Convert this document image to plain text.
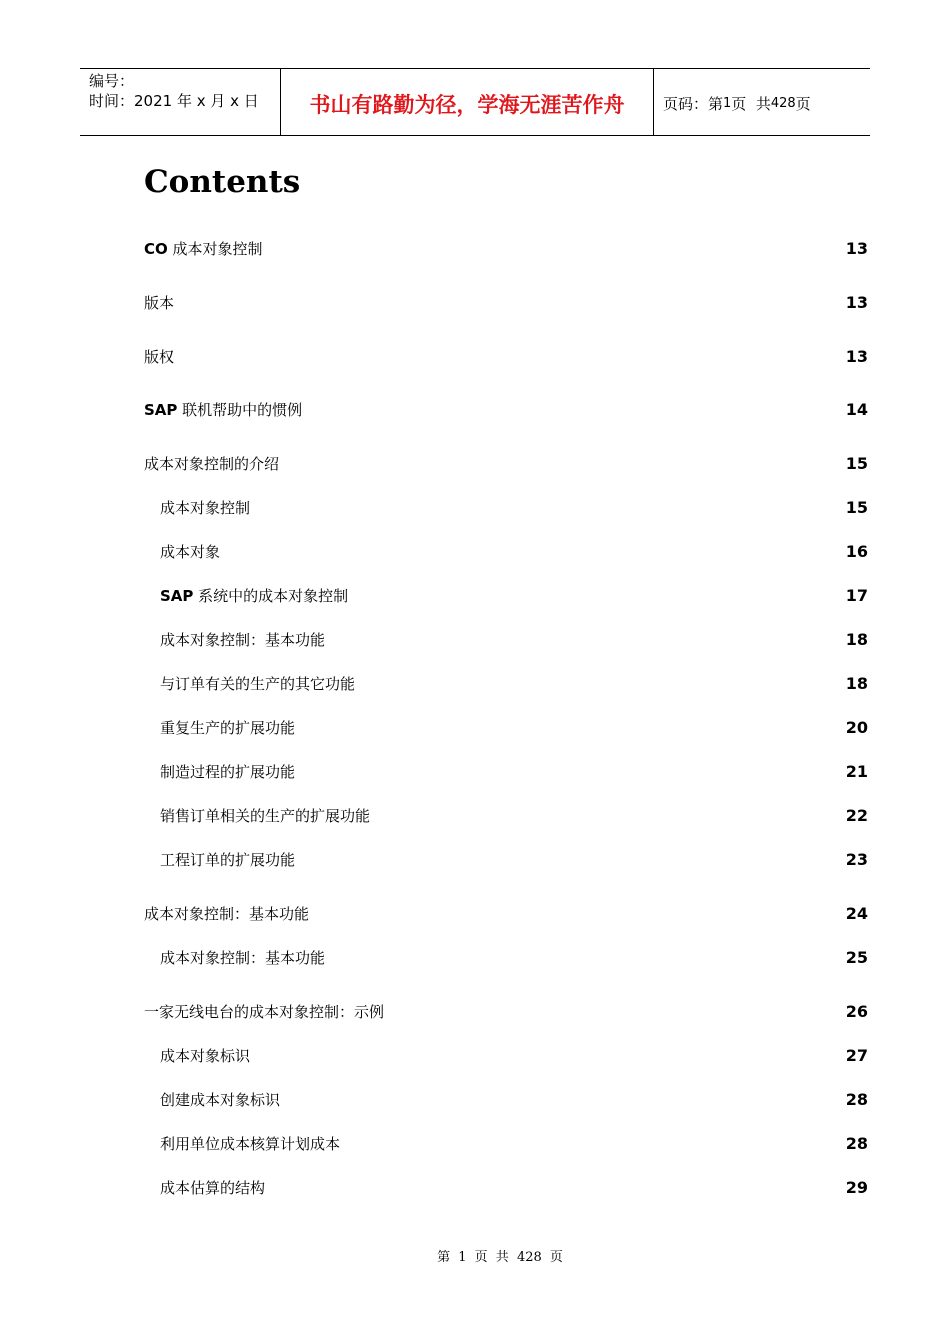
编号：
时间：2021 年 x 月 x 日	书山有路勤为径，学海无涯苦作舟	页码：第 1 页  共 428 页
Contents
CO 成本对象控制	13
版本	13
版权	13
SAP 联机帮助中的惯例	14
成本对象控制的介绍	15
成本对象控制	15
成本对象	16
SAP 系统中的成本对象控制	17
成本对象控制：基本功能	18
与订单有关的生产的其它功能	18
重复生产的扩展功能	20
制造过程的扩展功能	21
销售订单相关的生产的扩展功能	22
工程订单的扩展功能	23
成本对象控制：基本功能	24
成本对象控制：基本功能	25
一家无线电台的成本对象控制：示例	26
成本对象标识	27
创建成本对象标识	28
利用单位成本核算计划成本	28
成本估算的结构	29
第 1 页 共 428 页
